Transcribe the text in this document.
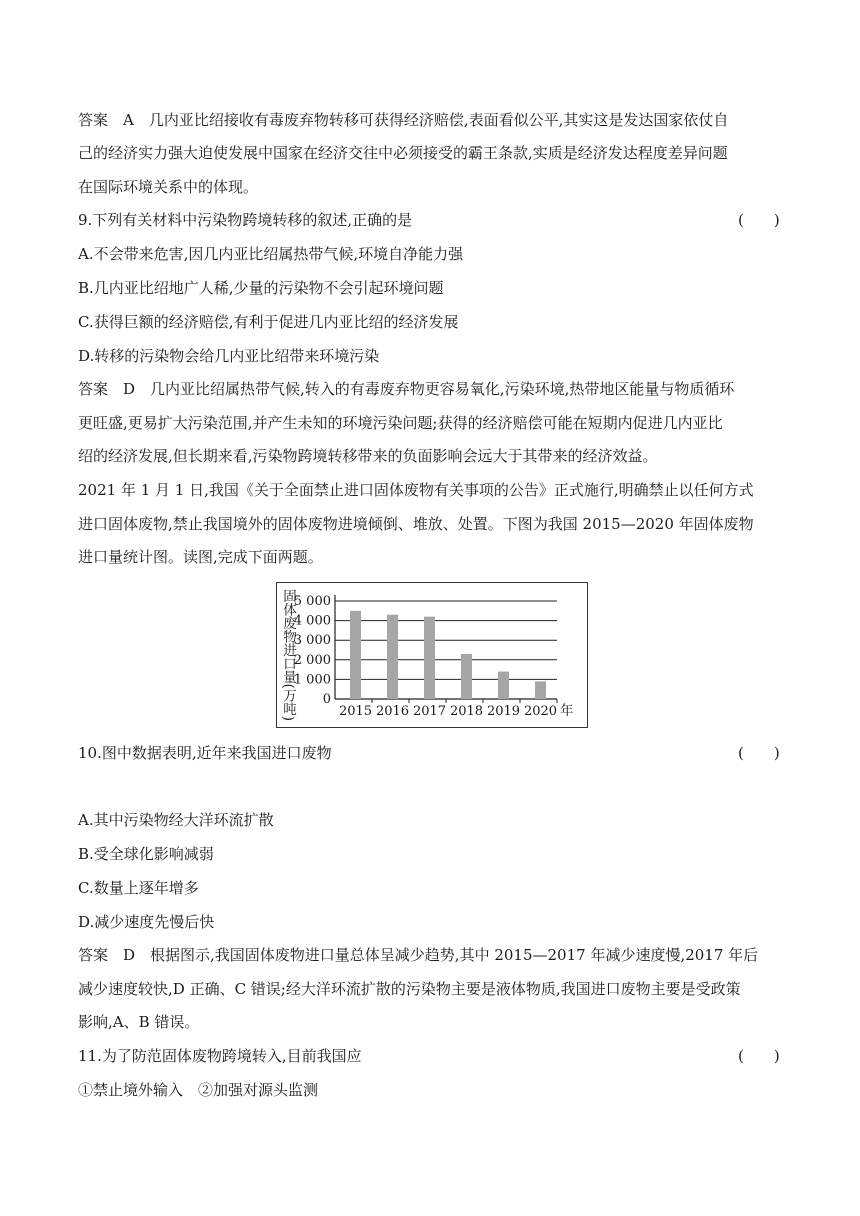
答案　A　几内亚比绍接收有毒废弃物转移可获得经济赔偿,表面看似公平,其实这是发达国家依仗自
己的经济实力强大迫使发展中国家在经济交往中必须接受的霸王条款,实质是经济发达程度差异问题
在国际环境关系中的体现。
9.下列有关材料中污染物跨境转移的叙述,正确的是
A.不会带来危害,因几内亚比绍属热带气候,环境自净能力强
B.几内亚比绍地广人稀,少量的污染物不会引起环境问题
C.获得巨额的经济赔偿,有利于促进几内亚比绍的经济发展
D.转移的污染物会给几内亚比绍带来环境污染
答案　D　几内亚比绍属热带气候,转入的有毒废弃物更容易氧化,污染环境,热带地区能量与物质循环
更旺盛,更易扩大污染范围,并产生未知的环境污染问题;获得的经济赔偿可能在短期内促进几内亚比
绍的经济发展,但长期来看,污染物跨境转移带来的负面影响会远大于其带来的经济效益。
2021 年 1 月 1 日,我国《关于全面禁止进口固体废物有关事项的公告》正式施行,明确禁止以任何方式
进口固体废物,禁止我国境外的固体废物进境倾倒、堆放、处置。下图为我国 2015—2020 年固体废物
进口量统计图。读图,完成下面两题。
10.图中数据表明,近年来我国进口废物
A.其中污染物经大洋环流扩散
B.受全球化影响减弱
C.数量上逐年增多
D.减少速度先慢后快
答案　D　根据图示,我国固体废物进口量总体呈减少趋势,其中 2015—2017 年减少速度慢,2017 年后
减少速度较快,D 正确、C 错误;经大洋环流扩散的污染物主要是液体物质,我国进口废物主要是受政策
影响,A、B 错误。
11.为了防范固体废物跨境转入,目前我国应
①禁止境外输入　②加强对源头监测
(　　)
(　　)
(　　)
5 000
4 000
3 000
2 000
1 000
0
2015 2016 2017 2018 2019 2020 年
固体废物进口量(万吨)
